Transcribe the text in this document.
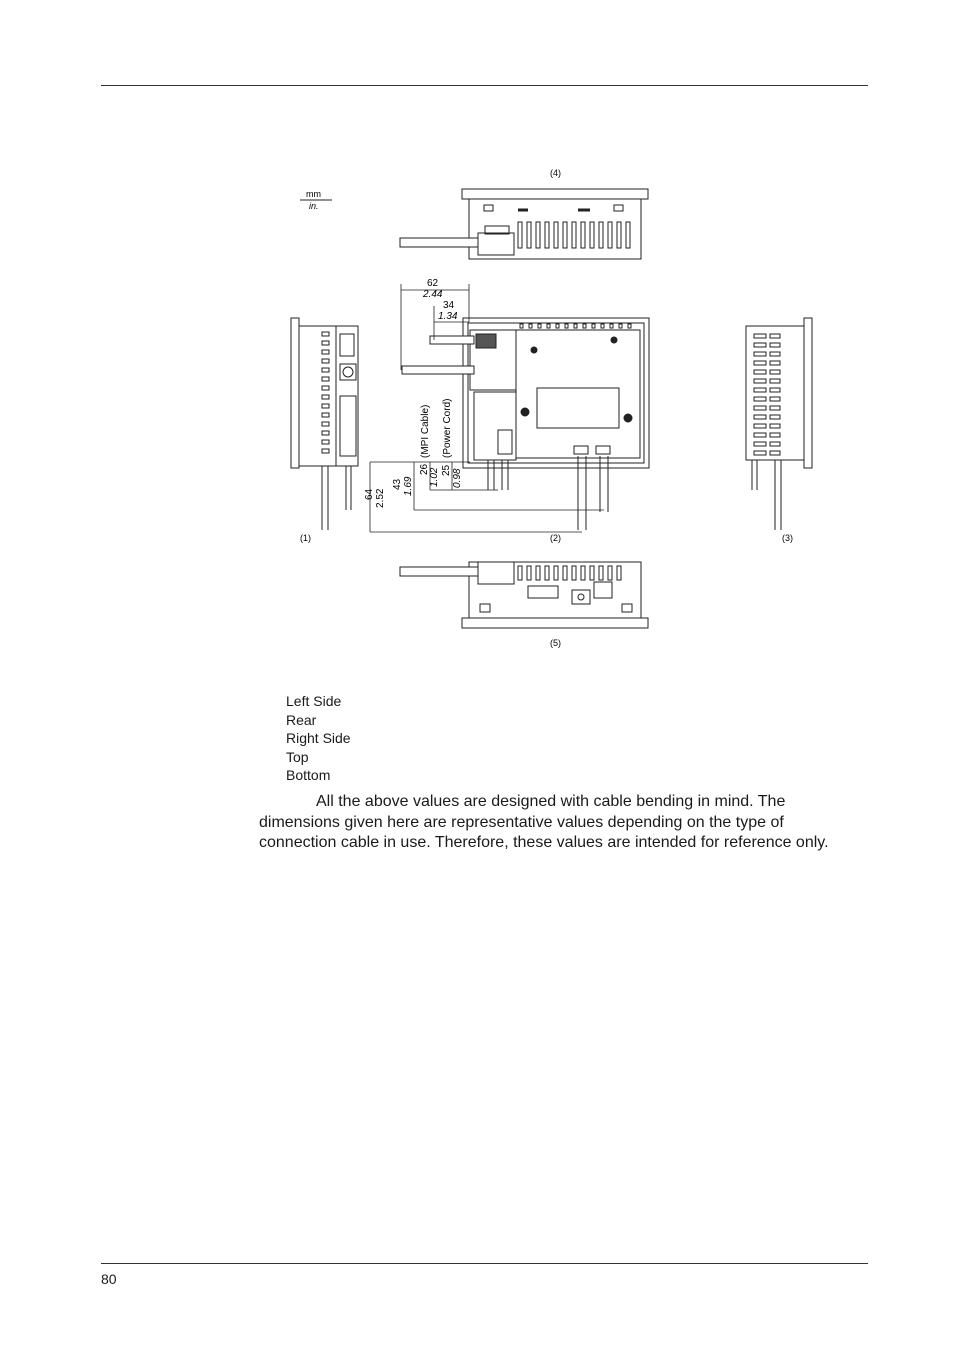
mm
in.
(4)
(1)	(2)	(3)
(5)
62
2.44
34
1.34
64 2.52
43 1.69
26 1.02 25 0.98
(MPI Cable) (Power Cord)
Left Side
Rear
Right Side
Top
Bottom
All the above values are designed with cable bending in mind. The dimensions given here are representative values depending on the type of connection cable in use. Therefore, these values are intended for reference only.
80
